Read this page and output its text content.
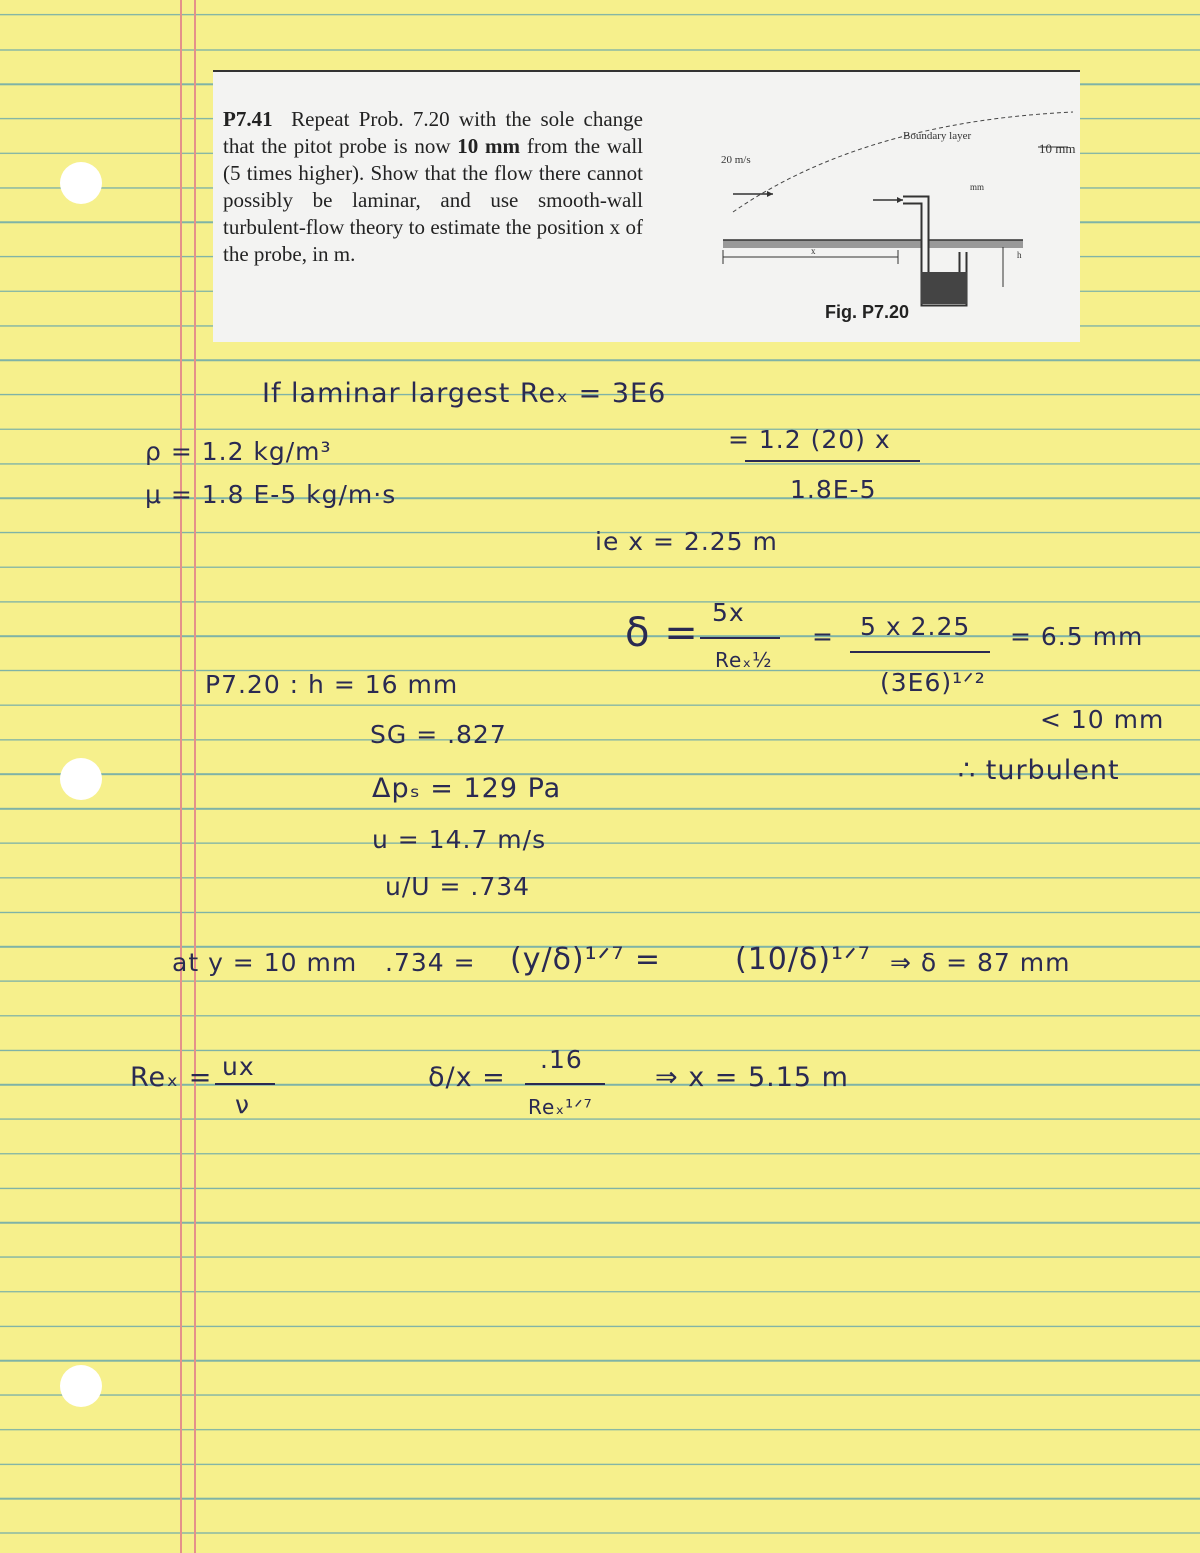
P7.41 Repeat Prob. 7.20 with the sole change that the pitot probe is now 10 mm from the wall (5 times higher). Show that the flow there cannot possibly be laminar, and use smooth-wall turbulent-flow theory to estimate the position x of the probe, in m.
20 m/s
Boundary layer
10 mm
mm
x	h
Fig. P7.20
If laminar largest Reₓ = 3E6
= 1.2 (20) x
1.8E-5
ρ = 1.2 kg/m³
μ = 1.8 E-5 kg/m·s
ie x = 2.25 m
δ = 5x
Reₓ½
= 5 x 2.25
(3E6)¹ᐟ²
= 6.5 mm
< 10 mm
∴ turbulent
P7.20 : h = 16 mm
SG = .827
Δpₛ = 129 Pa
u = 14.7 m/s
u/U = .734
at y = 10 mm .734 = (y/δ)¹ᐟ⁷ = (10/δ)¹ᐟ⁷ ⇒ δ = 87 mm
Reₓ = ux
ν
δ/x =
.16
Reₓ¹ᐟ⁷
⇒ x = 5.15 m
